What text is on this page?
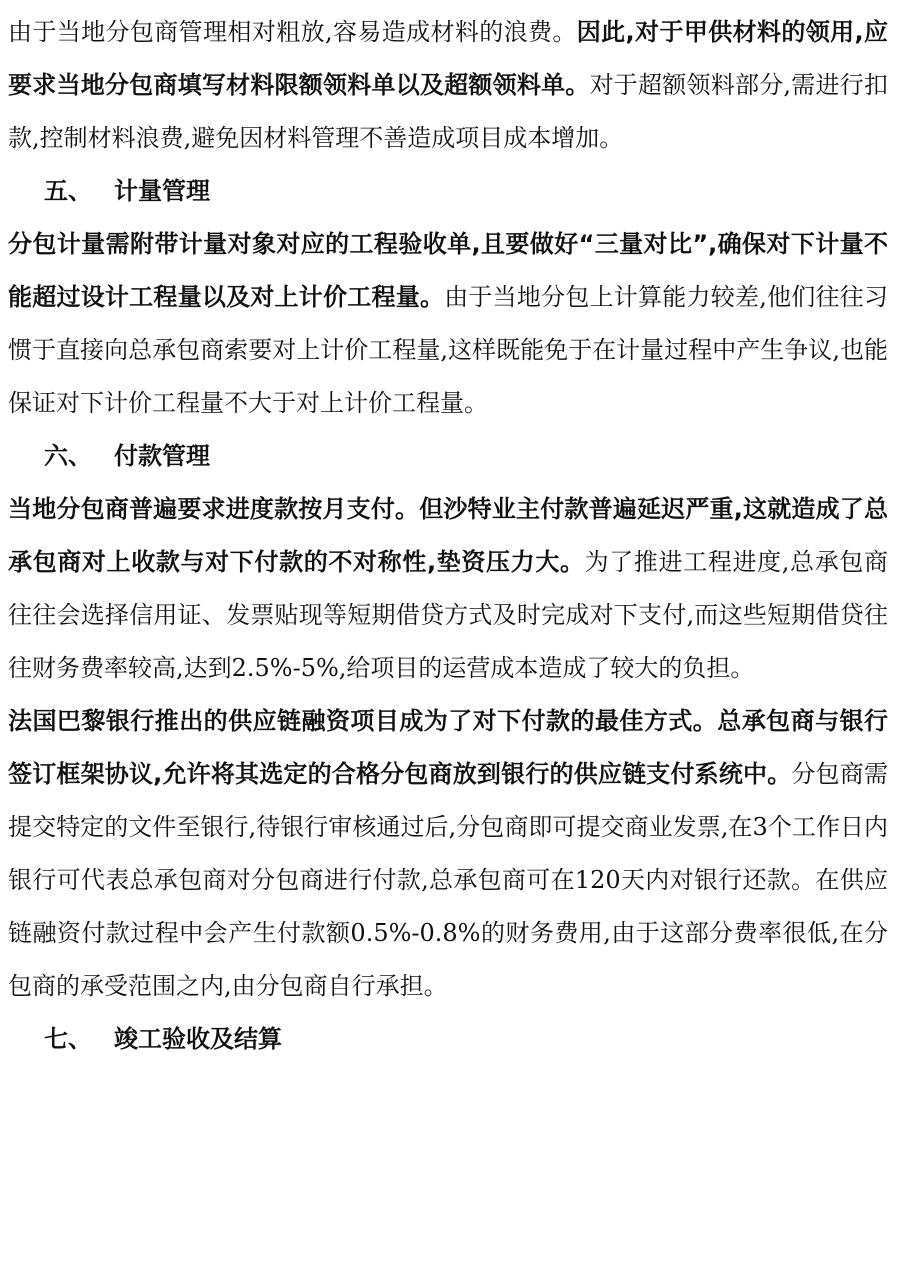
由于当地分包商管理相对粗放,容易造成材料的浪费。因此,对于甲供材料的领用,应要求当地分包商填写材料限额领料单以及超额领料单。对于超额领料部分,需进行扣款,控制材料浪费,避免因材料管理不善造成项目成本增加。

五、 计量管理

分包计量需附带计量对象对应的工程验收单,且要做好“三量对比”,确保对下计量不能超过设计工程量以及对上计价工程量。由于当地分包上计算能力较差,他们往往习惯于直接向总承包商索要对上计价工程量,这样既能免于在计量过程中产生争议,也能保证对下计价工程量不大于对上计价工程量。

六、 付款管理

当地分包商普遍要求进度款按月支付。但沙特业主付款普遍延迟严重,这就造成了总承包商对上收款与对下付款的不对称性,垫资压力大。为了推进工程进度,总承包商往往会选择信用证、发票贴现等短期借贷方式及时完成对下支付,而这些短期借贷往往财务费率较高,达到2.5%-5%,给项目的运营成本造成了较大的负担。

法国巴黎银行推出的供应链融资项目成为了对下付款的最佳方式。总承包商与银行签订框架协议,允许将其选定的合格分包商放到银行的供应链支付系统中。分包商需提交特定的文件至银行,待银行审核通过后,分包商即可提交商业发票,在3个工作日内银行可代表总承包商对分包商进行付款,总承包商可在120天内对银行还款。在供应链融资付款过程中会产生付款额0.5%-0.8%的财务费用,由于这部分费率很低,在分包商的承受范围之内,由分包商自行承担。

七、 竣工验收及结算
